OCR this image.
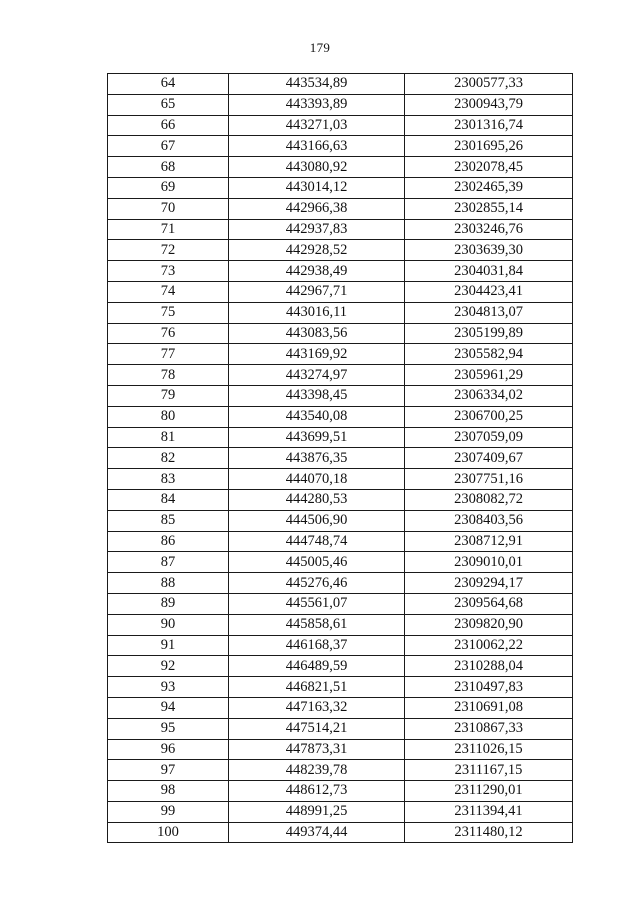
179
64	443534,89	2300577,33
65	443393,89	2300943,79
66	443271,03	2301316,74
67	443166,63	2301695,26
68	443080,92	2302078,45
69	443014,12	2302465,39
70	442966,38	2302855,14
71	442937,83	2303246,76
72	442928,52	2303639,30
73	442938,49	2304031,84
74	442967,71	2304423,41
75	443016,11	2304813,07
76	443083,56	2305199,89
77	443169,92	2305582,94
78	443274,97	2305961,29
79	443398,45	2306334,02
80	443540,08	2306700,25
81	443699,51	2307059,09
82	443876,35	2307409,67
83	444070,18	2307751,16
84	444280,53	2308082,72
85	444506,90	2308403,56
86	444748,74	2308712,91
87	445005,46	2309010,01
88	445276,46	2309294,17
89	445561,07	2309564,68
90	445858,61	2309820,90
91	446168,37	2310062,22
92	446489,59	2310288,04
93	446821,51	2310497,83
94	447163,32	2310691,08
95	447514,21	2310867,33
96	447873,31	2311026,15
97	448239,78	2311167,15
98	448612,73	2311290,01
99	448991,25	2311394,41
100	449374,44	2311480,12
